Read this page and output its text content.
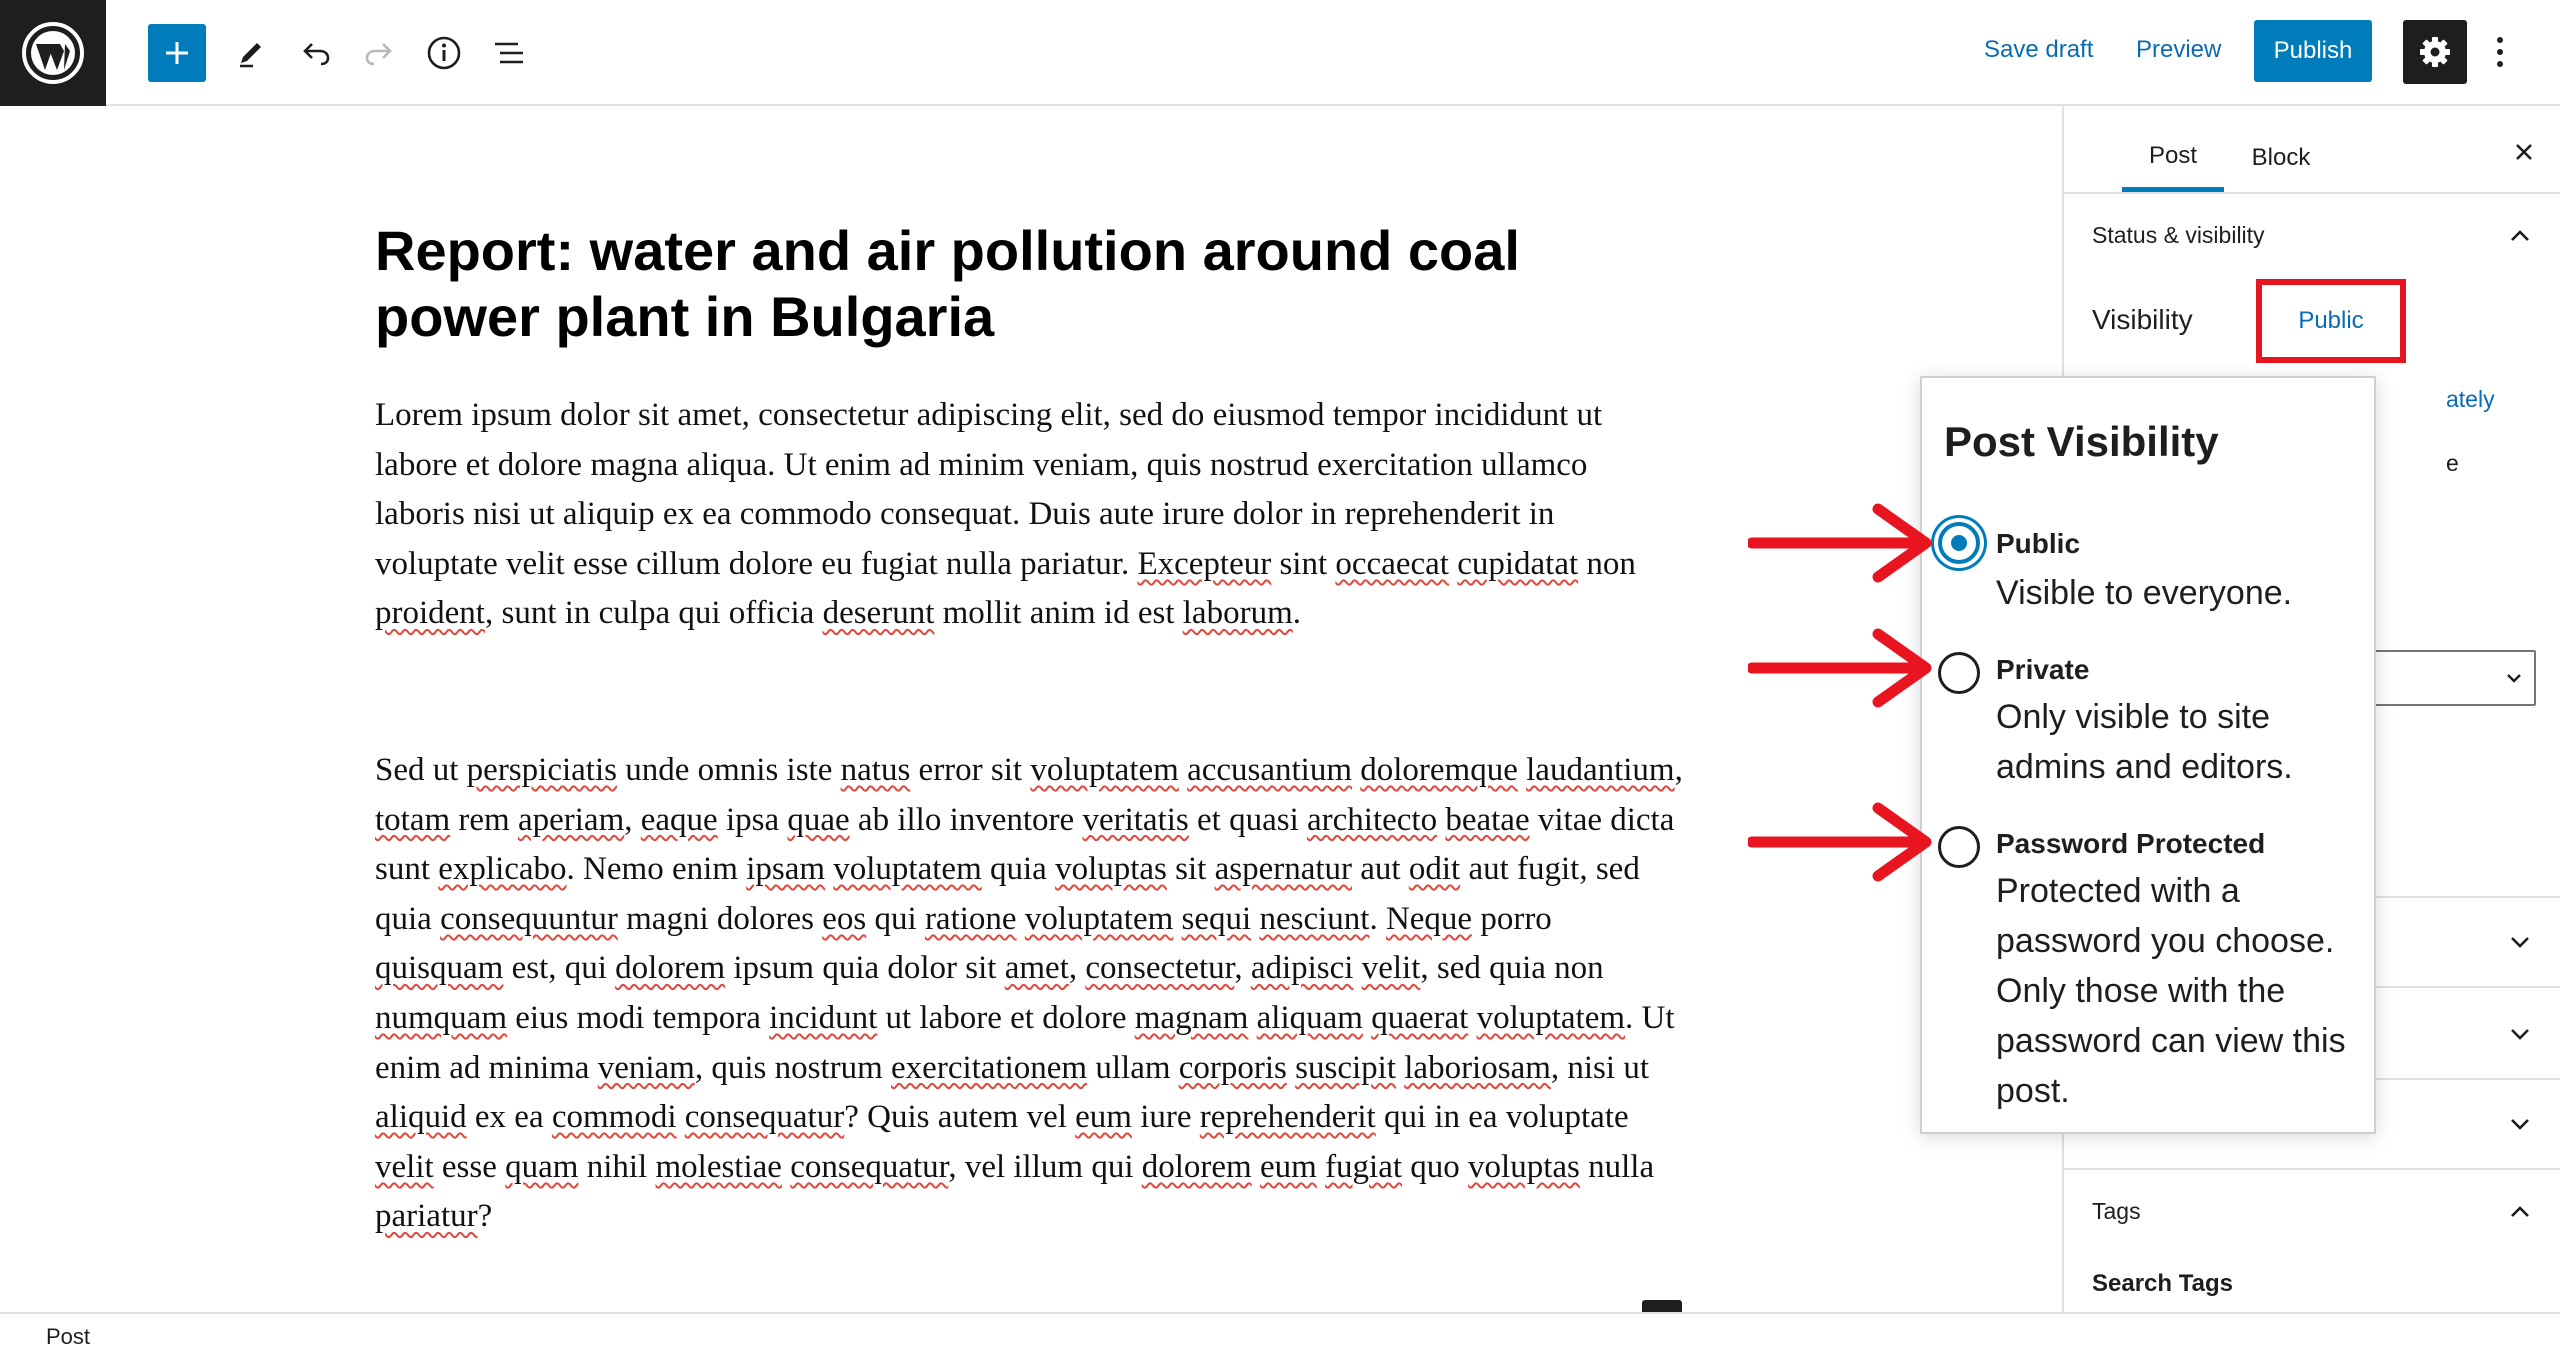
Save draft Preview	Publish
Report: water and air pollution around coal power plant in Bulgaria

Lorem ipsum dolor sit amet, consectetur adipiscing elit, sed do eiusmod tempor incididunt ut labore et dolore magna aliqua. Ut enim ad minim veniam, quis nostrud exercitation ullamco laboris nisi ut aliquip ex ea commodo consequat. Duis aute irure dolor in reprehenderit in voluptate velit esse cillum dolore eu fugiat nulla pariatur. Excepteur sint occaecat cupidatat non proident, sunt in culpa qui officia deserunt mollit anim id est laborum.

Sed ut perspiciatis unde omnis iste natus error sit voluptatem accusantium doloremque laudantium, totam rem aperiam, eaque ipsa quae ab illo inventore veritatis et quasi architecto beatae vitae dicta sunt explicabo. Nemo enim ipsam voluptatem quia voluptas sit aspernatur aut odit aut fugit, sed quia consequuntur magni dolores eos qui ratione voluptatem sequi nesciunt. Neque porro quisquam est, qui dolorem ipsum quia dolor sit amet, consectetur, adipisci velit, sed quia non numquam eius modi tempora incidunt ut labore et dolore magnam aliquam quaerat voluptatem. Ut enim ad minima veniam, quis nostrum exercitationem ullam corporis suscipit laboriosam, nisi ut aliquid ex ea commodi consequatur? Quis autem vel eum iure reprehenderit qui in ea voluptate velit esse quam nihil molestiae consequatur, vel illum qui dolorem eum fugiat quo voluptas nulla pariatur?

Post	Block
Status & visibility
Visibility	Public
ately
e
Tags
Search Tags
Post Visibility
Public
Visible to everyone.
Private
Only visible to site admins and editors.
Password Protected
Protected with a password you choose. Only those with the password can view this post.
Post
